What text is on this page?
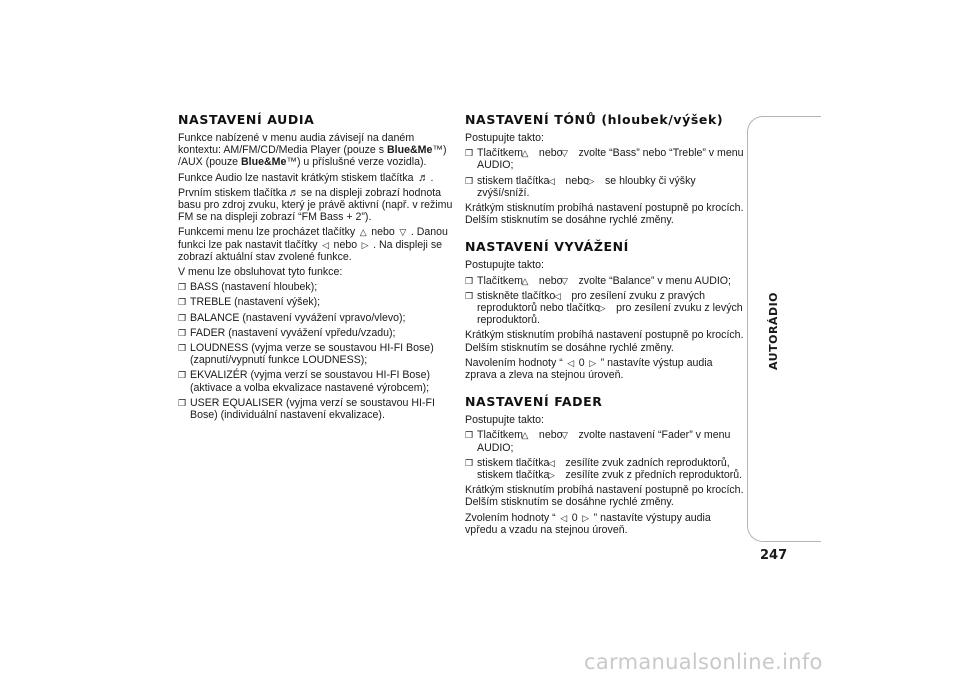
NASTAVENÍ AUDIA

Funkce nabízené v menu audia závisejí na daném kontextu: AM/FM/CD/Media Player (pouze s Blue&Me™) /AUX (pouze Blue&Me™) u příslušné verze vozidla).

Funkce Audio lze nastavit krátkým stiskem tlačítka ♬ .

Prvním stiskem tlačítka ♬ se na displeji zobrazí hodnota basu pro zdroj zvuku, který je právě aktivní (např. v režimu FM se na displeji zobrazí “FM Bass + 2”).

Funkcemi menu lze procházet tlačítky △ nebo ▽ . Danou funkci lze pak nastavit tlačítky ◁ nebo ▷ . Na displeji se zobrazí aktuální stav zvolené funkce.

V menu lze obsluhovat tyto funkce:

❒ BASS (nastavení hloubek);

❒ TREBLE (nastavení výšek);

❒ BALANCE (nastavení vyvážení vpravo/vlevo);

❒ FADER (nastavení vyvážení vpředu/vzadu);

❒ LOUDNESS (vyjma verze se soustavou HI-FI Bose) (zapnutí/vypnutí funkce LOUDNESS);

❒ EKVALIZÉR (vyjma verzí se soustavou HI-FI Bose) (aktivace a volba ekvalizace nastavené výrobcem);

❒ USER EQUALISER (vyjma verzí se soustavou HI-FI Bose) (individuální nastavení ekvalizace).

NASTAVENÍ TÓNŮ (hloubek/výšek)

Postupujte takto:

❒ Tlačítkem△ nebo▽ zvolte “Bass” nebo “Treble” v menu AUDIO;

❒ stiskem tlačítka◁ nebo▷ se hloubky či výšky zvýší/sníží.

Krátkým stisknutím probíhá nastavení postupně po krocích. Delším stisknutím se dosáhne rychlé změny.

NASTAVENÍ VYVÁŽENÍ

Postupujte takto:

❒ Tlačítkem△ nebo▽ zvolte “Balance” v menu AUDIO;

❒ stiskněte tlačítko◁ pro zesílení zvuku z pravých reproduktorů nebo tlačítko▷ pro zesílení zvuku z levých reproduktorů.

Krátkým stisknutím probíhá nastavení postupně po krocích. Delším stisknutím se dosáhne rychlé změny.

Navolením hodnoty “ ◁ 0 ▷ ” nastavíte výstup audia zprava a zleva na stejnou úroveň.

NASTAVENÍ FADER

Postupujte takto:

❒ Tlačítkem△ nebo▽ zvolte nastavení “Fader” v menu AUDIO;

❒ stiskem tlačítka◁ zesílíte zvuk zadních reproduktorů, stiskem tlačítka▷ zesílíte zvuk z předních reproduktorů.

Krátkým stisknutím probíhá nastavení postupně po krocích. Delším stisknutím se dosáhne rychlé změny.

Zvolením hodnoty “ ◁ 0 ▷ ” nastavíte výstupy audia vpředu a vzadu na stejnou úroveň.

AUTORÁDIO
247
carmanualsonline.info
